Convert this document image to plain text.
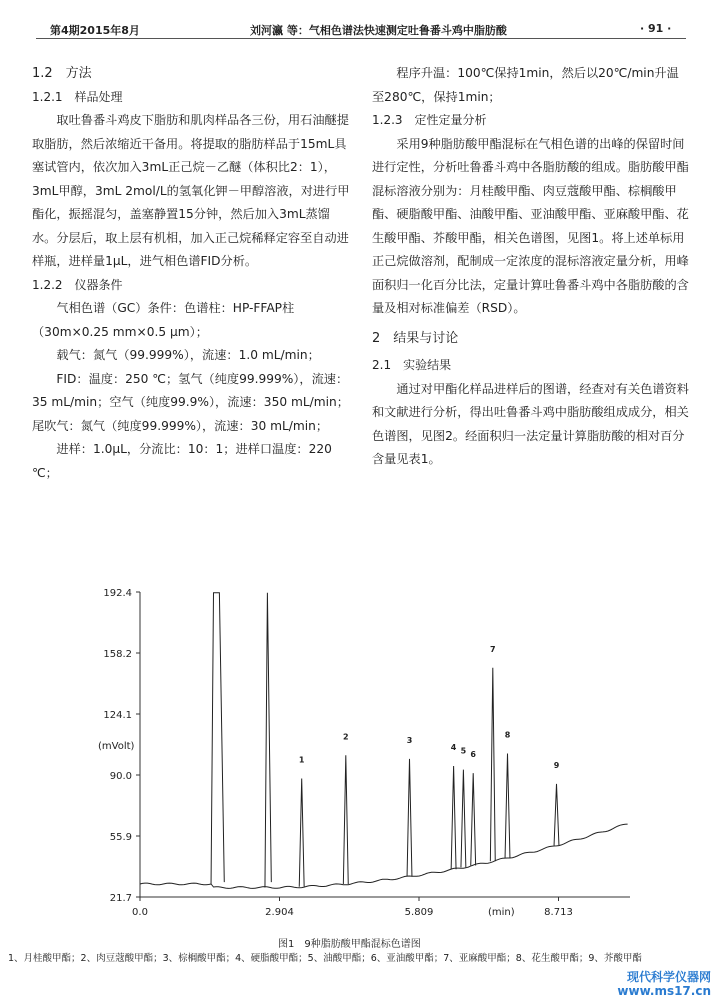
第4期2015年8月	刘河瀛 等：气相色谱法快速测定吐鲁番斗鸡中脂肪酸	· 91 ·

1.2　方法

1.2.1　样品处理

取吐鲁番斗鸡皮下脂肪和肌肉样品各三份，用石油醚提取脂肪，然后浓缩近干备用。将提取的脂肪样品于15mL具塞试管内，依次加入3mL正己烷－乙醚（体积比2：1），3mL甲醇，3mL 2mol/L的氢氧化钾－甲醇溶液，对进行甲酯化，振摇混匀，盖塞静置15分钟，然后加入3mL蒸馏水。分层后，取上层有机相，加入正己烷稀释定容至自动进样瓶，进样量1μL，进气相色谱FID分析。

1.2.2　仪器条件

气相色谱（GC）条件：色谱柱：HP-FFAP柱（30m×0.25 mm×0.5 μm）；

载气：氮气（99.999%），流速：1.0 mL/min；

FID：温度：250 ℃；氢气（纯度99.999%），流速：35 mL/min；空气（纯度99.9%），流速：350 mL/min；尾吹气：氮气（纯度99.999%），流速：30 mL/min；

进样：1.0μL，分流比：10：1；进样口温度：220 ℃；

程序升温：100℃保持1min，然后以20℃/min升温至280℃，保持1min；

1.2.3　定性定量分析

采用9种脂肪酸甲酯混标在气相色谱的出峰的保留时间进行定性，分析吐鲁番斗鸡中各脂肪酸的组成。脂肪酸甲酯混标溶液分别为：月桂酸甲酯、肉豆蔻酸甲酯、棕榈酸甲酯、硬脂酸甲酯、油酸甲酯、亚油酸甲酯、亚麻酸甲酯、花生酸甲酯、芥酸甲酯，相关色谱图，见图1。将上述单标用正己烷做溶剂，配制成一定浓度的混标溶液定量分析，用峰面积归一化百分比法，定量计算吐鲁番斗鸡中各脂肪酸的含量及相对标准偏差（RSD）。

2　结果与讨论

2.1　实验结果

通过对甲酯化样品进样后的图谱，经查对有关色谱资料和文献进行分析，得出吐鲁番斗鸡中脂肪酸组成成分，相关色谱图，见图2。经面积归一法定量计算脂肪酸的相对百分含量见表1。

192.4
158.2
124.1
90.0
55.9
21.7
0.0	2.904	5.809	8.713
(mVolt)
(min)
1
2	3
4 5 6
7
8
9
图1　9种脂肪酸甲酯混标色谱图
1、月桂酸甲酯；2、肉豆蔻酸甲酯；3、棕榈酸甲酯；4、硬脂酸甲酯；5、油酸甲酯；6、亚油酸甲酯；7、亚麻酸甲酯；8、花生酸甲酯；9、芥酸甲酯
现代科学仪器网
www.ms17.cn
